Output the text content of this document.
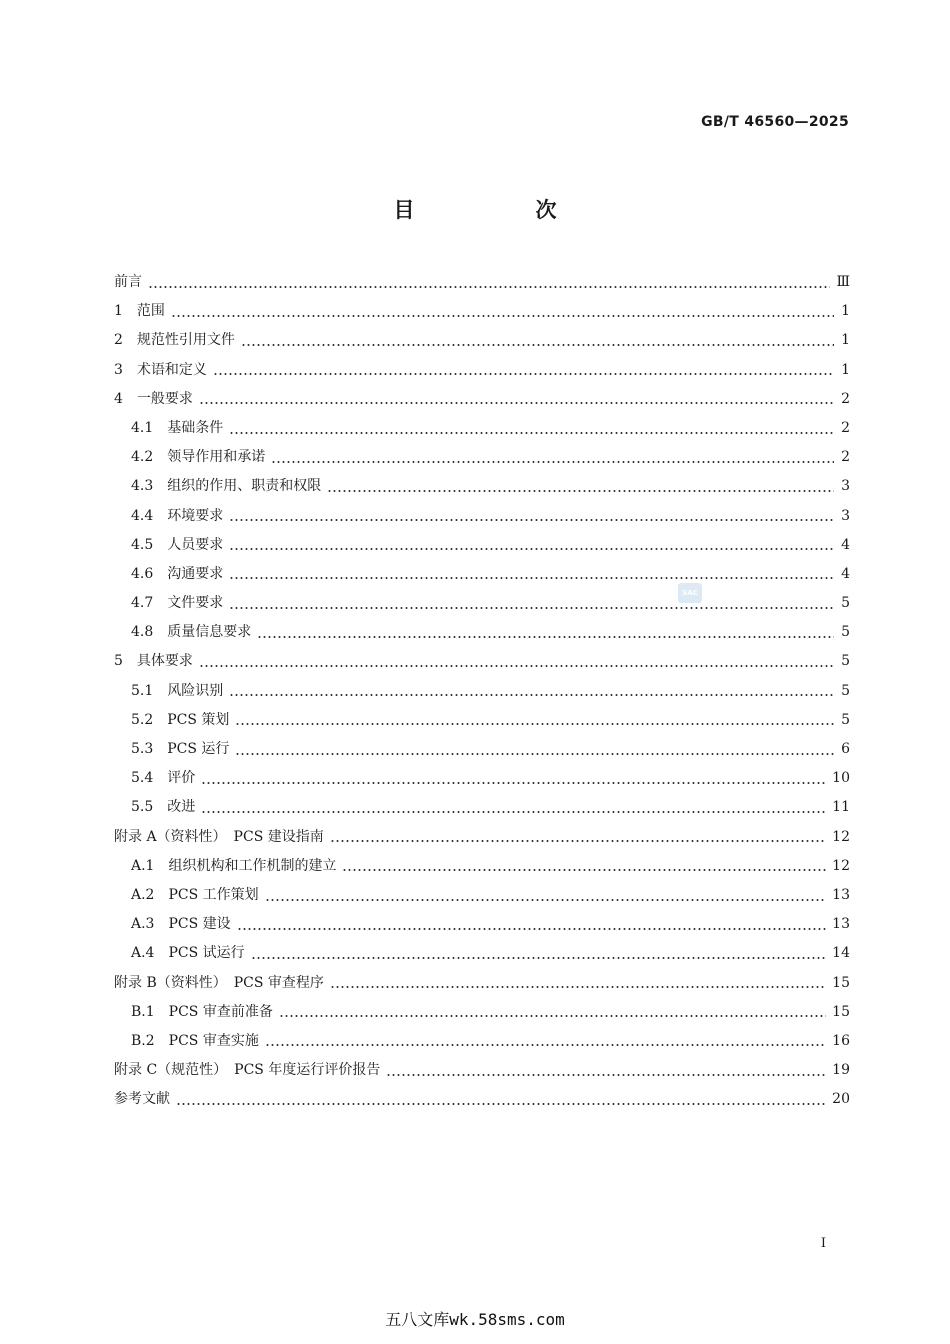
GB/T 46560—2025
目　次
前言	Ⅲ
1　范围	1
2　规范性引用文件	1
3　术语和定义	1
4　一般要求	2
4.1　基础条件	2
4.2　领导作用和承诺	2
4.3　组织的作用、职责和权限	3
4.4　环境要求	3
4.5　人员要求	4
4.6　沟通要求	4
4.7　文件要求	5
4.8　质量信息要求	5
5　具体要求	5
5.1　风险识别	5
5.2　PCS 策划	5
5.3　PCS 运行	6
5.4　评价	10
5.5　改进	11
附录 A（资料性）　PCS 建设指南	12
A.1　组织机构和工作机制的建立	12
A.2　PCS 工作策划	13
A.3　PCS 建设	13
A.4　PCS 试运行	14
附录 B（资料性）　PCS 审查程序	15
B.1　PCS 审查前准备	15
B.2　PCS 审查实施	16
附录 C（规范性）　PCS 年度运行评价报告	19
参考文献	20
SAC
Ⅰ
五八文库wk.58sms.com
